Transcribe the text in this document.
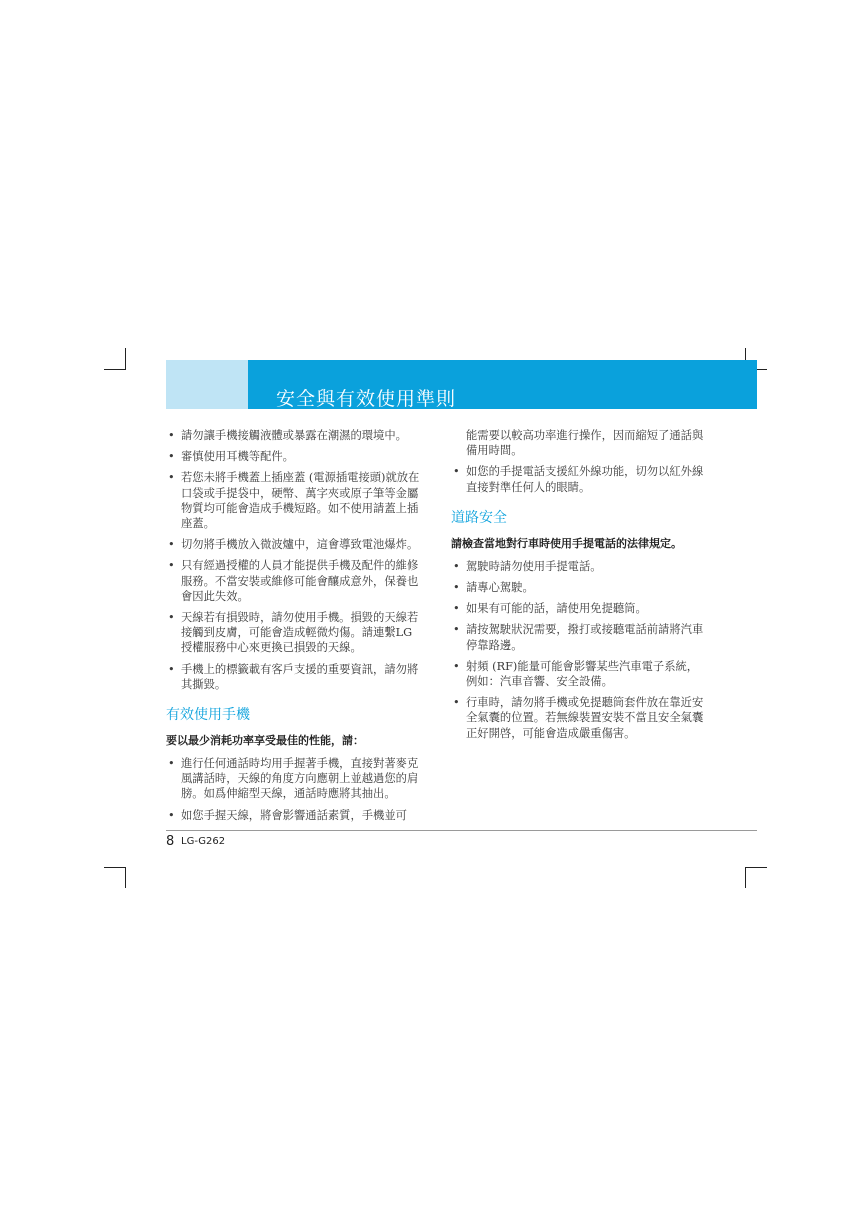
安全與有效使用準則
• 請勿讓手機接觸液體或暴露在潮濕的環境中。
• 審慎使用耳機等配件。
• 若您未將手機蓋上插座蓋 (電源插電接頭)就放在口袋或手提袋中，硬幣、萬字夾或原子筆等金屬物質均可能會造成手機短路。如不使用請蓋上插座蓋。
• 切勿將手機放入微波爐中，這會導致電池爆炸。
• 只有經過授權的人員才能提供手機及配件的維修服務。不當安裝或維修可能會釀成意外，保養也會因此失效。
• 天線若有損毀時，請勿使用手機。損毀的天線若接觸到皮膚，可能會造成輕微灼傷。請連繫LG 授權服務中心來更換已損毀的天線。
• 手機上的標籤載有客戶支援的重要資訊，請勿將其撕毀。
有效使用手機
要以最少消耗功率享受最佳的性能，請：
• 進行任何通話時均用手握著手機，直接對著麥克風講話時，天線的角度方向應朝上並越過您的肩膀。如爲伸縮型天線，通話時應將其抽出。
• 如您手握天線，將會影響通話素質，手機並可
能需要以較高功率進行操作，因而縮短了通話與備用時間。
• 如您的手提電話支援紅外線功能，切勿以紅外線直接對準任何人的眼睛。
道路安全
請檢查當地對行車時使用手提電話的法律規定。
• 駕駛時請勿使用手提電話。
• 請專心駕駛。
• 如果有可能的話，請使用免提聽筒。
• 請按駕駛狀況需要，撥打或接聽電話前請將汽車停靠路邊。
• 射頻 (RF)能量可能會影響某些汽車電子系統，例如：汽車音響、安全設備。
• 行車時，請勿將手機或免提聽筒套件放在靠近安全氣囊的位置。若無線裝置安裝不當且安全氣囊正好開啓，可能會造成嚴重傷害。
8 LG-G262
